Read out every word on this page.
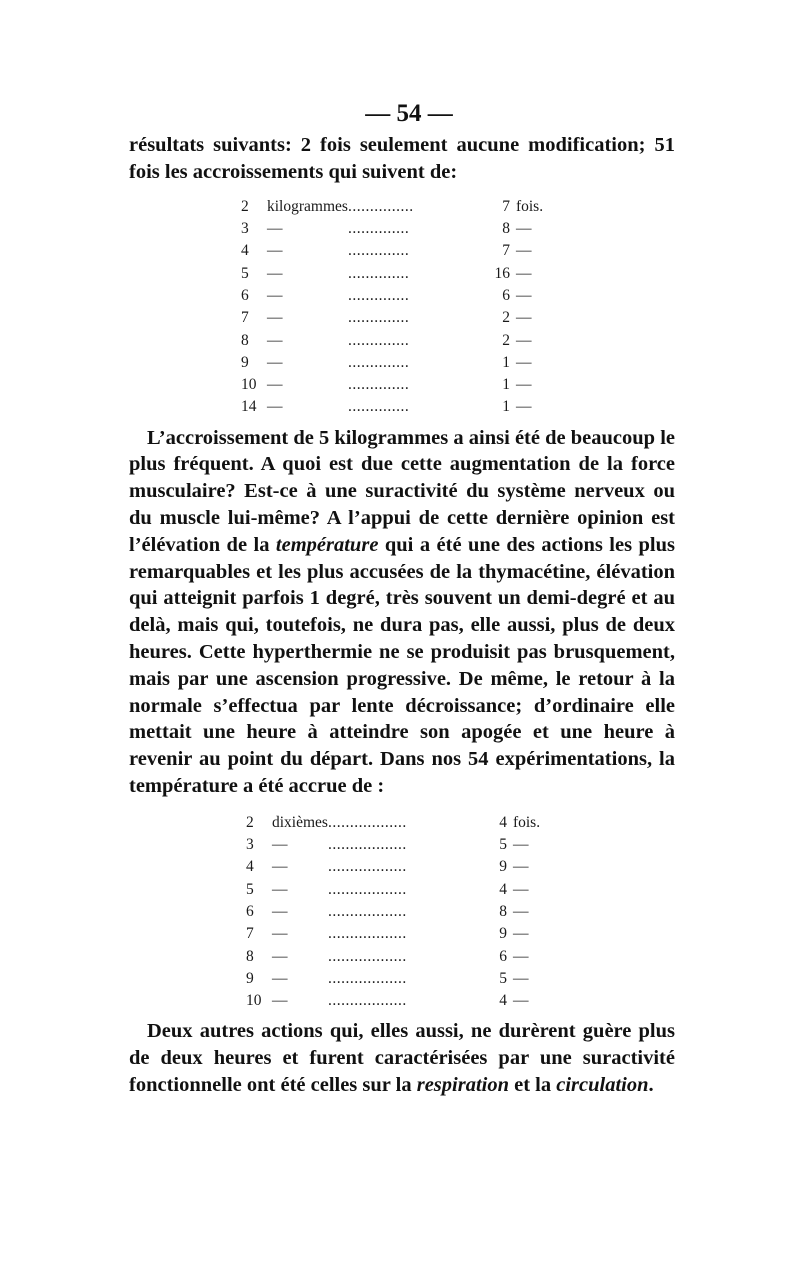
— 54 —

résultats suivants: 2 fois seulement aucune modification; 51 fois les accroissements qui suivent de:

2	kilogrammes	...............	7	fois.
3	—	..............	8	—
4	—	..............	7	—
5	—	..............	16	—
6	—	..............	6	—
7	—	..............	2	—
8	—	..............	2	—
9	—	..............	1	—
10	—	..............	1	—
14	—	..............	1	—

L’accroissement de 5 kilogrammes a ainsi été de beaucoup le plus fréquent. A quoi est due cette augmentation de la force musculaire? Est-ce à une suractivité du système nerveux ou du muscle lui-même? A l’appui de cette dernière opinion est l’élévation de la température qui a été une des actions les plus remarquables et les plus accusées de la thymacétine, élévation qui atteignit parfois 1 degré, très souvent un demi-degré et au delà, mais qui, toutefois, ne dura pas, elle aussi, plus de deux heures. Cette hyperthermie ne se produisit pas brusquement, mais par une ascension progressive. De même, le retour à la normale s’effectua par lente décroissance; d’ordinaire elle mettait une heure à atteindre son apogée et une heure à revenir au point du départ. Dans nos 54 expérimentations, la température a été accrue de :

2	dixièmes	..................	4	fois.
3	—	..................	5	—
4	—	..................	9	—
5	—	..................	4	—
6	—	..................	8	—
7	—	..................	9	—
8	—	..................	6	—
9	—	..................	5	—
10	—	..................	4	—

Deux autres actions qui, elles aussi, ne durèrent guère plus de deux heures et furent caractérisées par une suractivité fonctionnelle ont été celles sur la respiration et la circulation.
